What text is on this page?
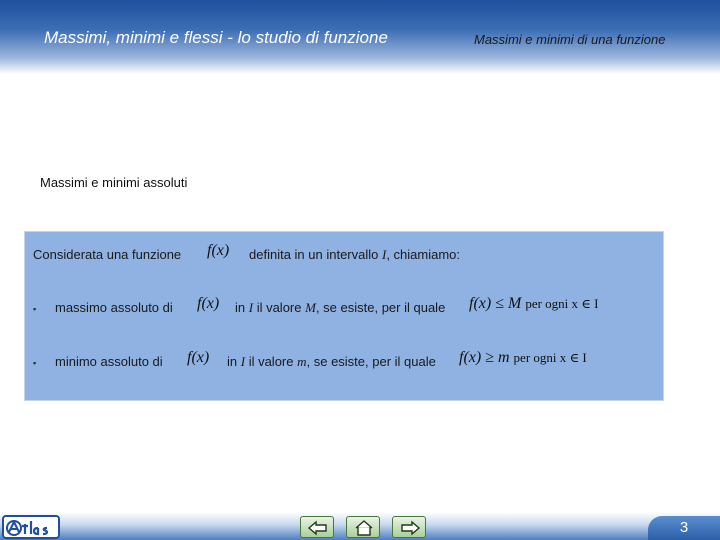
Massimi, minimi e flessi - lo studio di funzione	Massimi e minimi di una funzione
Massimi e minimi assoluti
Considerata una funzione f(x) definita in un intervallo I, chiamiamo:
▪ massimo assoluto di f(x) in I il valore M, se esiste, per il quale f(x) ≤ M per ogni x ∈ I
▪ minimo assoluto di f(x) in I il valore m, se esiste, per il quale f(x) ≥ m per ogni x ∈ I
3
